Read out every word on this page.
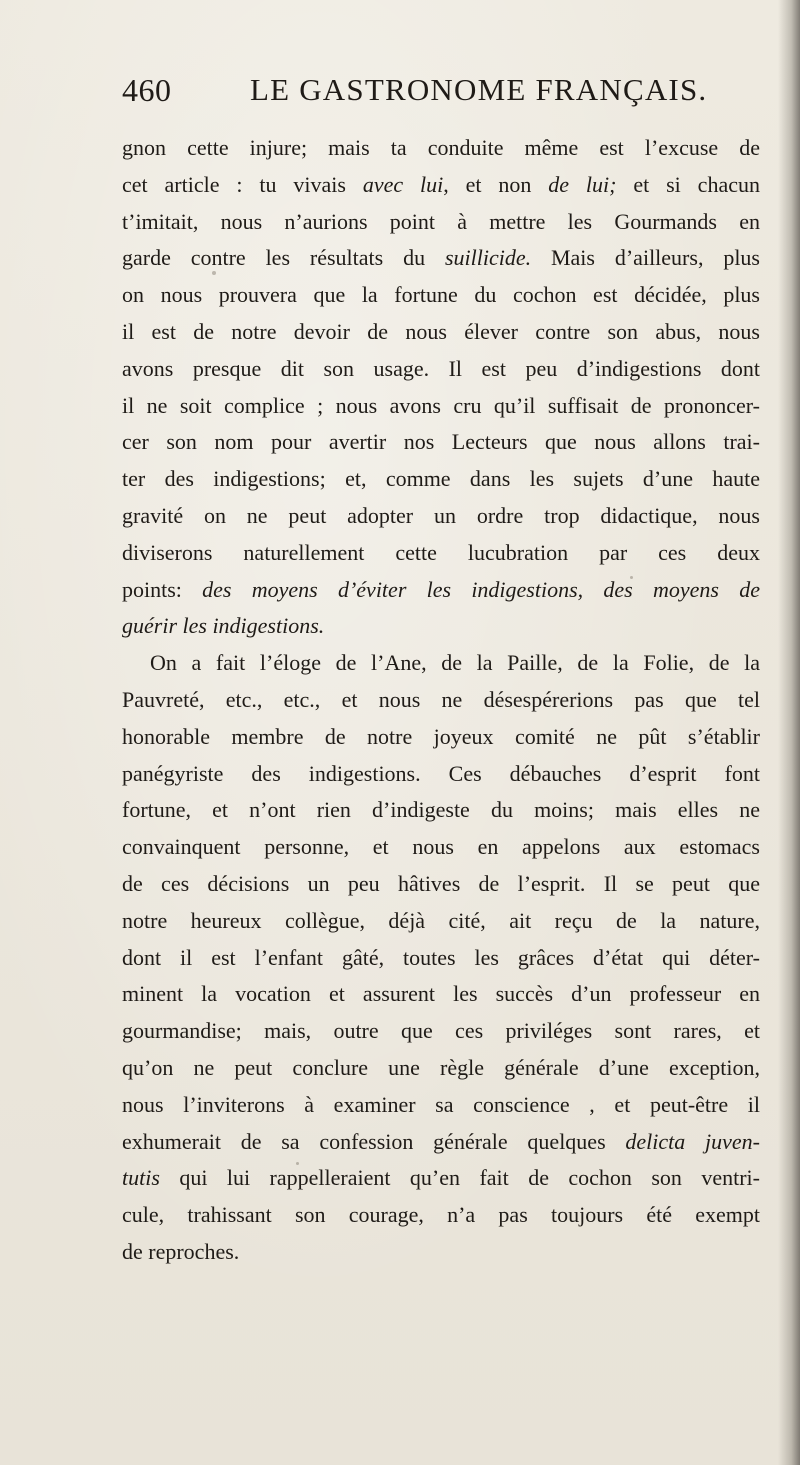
460	LE GASTRONOME FRANÇAIS.
gnon cette injure; mais ta conduite même est l’excuse de
cet article : tu vivais avec lui, et non de lui; et si chacun
t’imitait, nous n’aurions point à mettre les Gourmands en
garde contre les résultats du suillicide. Mais d’ailleurs, plus
on nous prouvera que la fortune du cochon est décidée, plus
il est de notre devoir de nous élever contre son abus, nous
avons presque dit son usage. Il est peu d’indigestions dont
il ne soit complice ; nous avons cru qu’il suffisait de prononcer-
cer son nom pour avertir nos Lecteurs que nous allons trai-
ter des indigestions; et, comme dans les sujets d’une haute
gravité on ne peut adopter un ordre trop didactique, nous
diviserons naturellement cette lucubration par ces deux
points: des moyens d’éviter les indigestions, des moyens de
guérir les indigestions.
On a fait l’éloge de l’Ane, de la Paille, de la Folie, de la
Pauvreté, etc., etc., et nous ne désespérerions pas que tel
honorable membre de notre joyeux comité ne pût s’établir
panégyriste des indigestions. Ces débauches d’esprit font
fortune, et n’ont rien d’indigeste du moins; mais elles ne
convainquent personne, et nous en appelons aux estomacs
de ces décisions un peu hâtives de l’esprit. Il se peut que
notre heureux collègue, déjà cité, ait reçu de la nature,
dont il est l’enfant gâté, toutes les grâces d’état qui déter-
minent la vocation et assurent les succès d’un professeur en
gourmandise; mais, outre que ces priviléges sont rares, et
qu’on ne peut conclure une règle générale d’une exception,
nous l’inviterons à examiner sa conscience , et peut-être il
exhumerait de sa confession générale quelques delicta juven-
tutis qui lui rappelleraient qu’en fait de cochon son ventri-
cule, trahissant son courage, n’a pas toujours été exempt
de reproches.
